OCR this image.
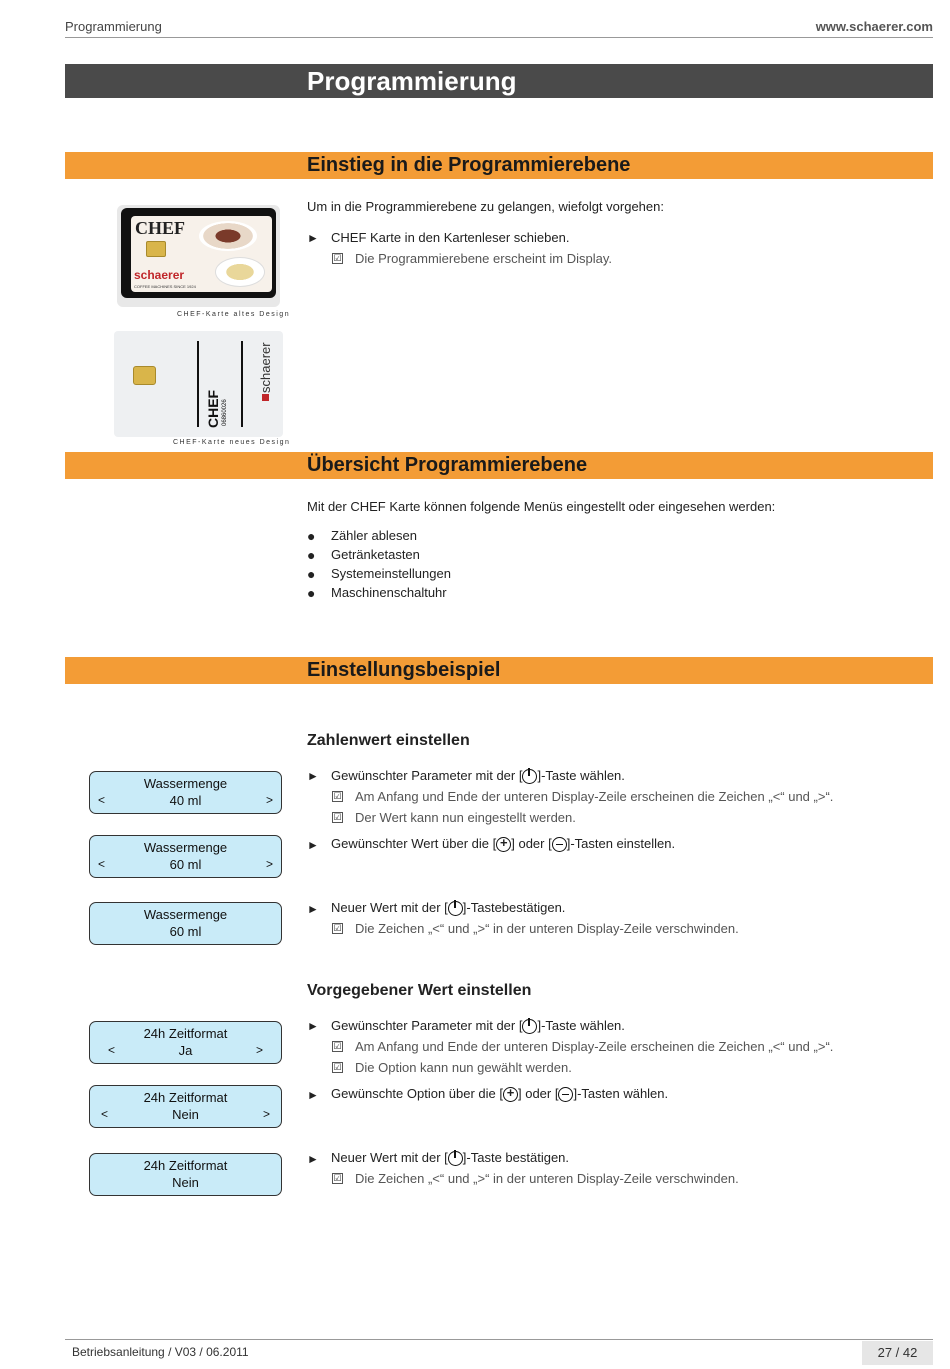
Programmierung	www.schaerer.com
Programmierung
Einstieg in die Programmierebene
Um in die Programmierebene zu gelangen, wiefolgt vorgehen:
► CHEF Karte in den Kartenleser schieben.
☑ Die Programmierebene erscheint im Display.
CHEF
schaerer
COFFEE MACHINES SINCE 1924
CHEF-Karte altes Design
CHEF 06860026
schaerer
CHEF-Karte neues Design
Übersicht Programmierebene
Mit der CHEF Karte können folgende Menüs eingestellt oder eingesehen werden:
● Zähler ablesen
● Getränketasten
● Systemeinstellungen
● Maschinenschaltuhr
Einstellungsbeispiel
Zahlenwert einstellen
► Gewünschter Parameter mit der [ ]-Taste wählen.
☑ Am Anfang und Ende der unteren Display-Zeile erscheinen die Zeichen „<“ und „>“.
☑ Der Wert kann nun eingestellt werden.
► Gewünschter Wert über die [ + ] oder [ ]-Tasten einstellen.
► Neuer Wert mit der [ ]-Tastebestätigen.
☑ Die Zeichen „<“ und „>“ in der unteren Display-Zeile verschwinden.
Vorgegebener Wert einstellen
► Gewünschter Parameter mit der [ ]-Taste wählen.
☑ Am Anfang und Ende der unteren Display-Zeile erscheinen die Zeichen „<“ und „>“.
☑ Die Option kann nun gewählt werden.
► Gewünschte Option über die [ + ] oder [ ]-Tasten wählen.
► Neuer Wert mit der [ ]-Taste bestätigen.
☑ Die Zeichen „<“ und „>“ in der unteren Display-Zeile verschwinden.
Wassermenge
40 ml
<	>
Wassermenge
60 ml
<	>
Wassermenge
60 ml
24h Zeitformat
Ja
<	>
24h Zeitformat
Nein
<	>
24h Zeitformat
Nein
Betriebsanleitung / V03 / 06.2011	27 / 42
